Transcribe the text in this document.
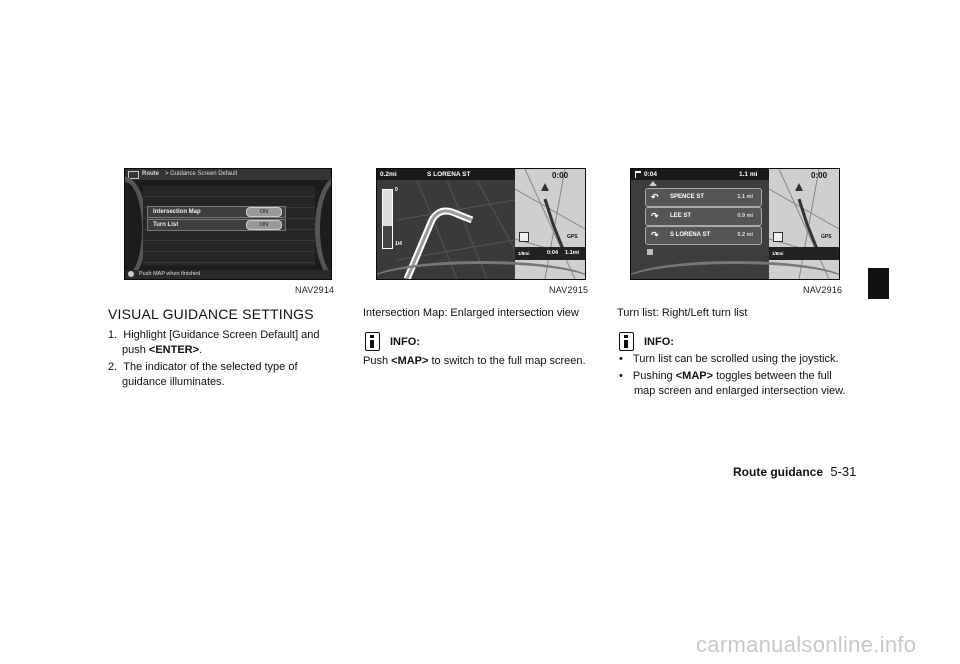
Route > Guidance Screen Default
Intersection Map	ON
Turn List	ON
Push MAP when finished
NAV2914
0.2mi	S LORENA ST
0
1/4
0:00
GPS
1/8mi	0:04 1.1mi
NAV2915
0:04	1.1 mi
↶ SPENCE ST	1.1 mi
↷ LEE ST	0.9 mi
↷ S LORENA ST	0.2 mi
0:00
GPS
1/8mi
NAV2916
VISUAL GUIDANCE SETTINGS
1. Highlight [Guidance Screen Default] and
push <ENTER>.
2. The indicator of the selected type of
guidance illuminates.
Intersection Map: Enlarged intersection view
INFO:
Push <MAP> to switch to the full map screen.
Turn list: Right/Left turn list
INFO:
• Turn list can be scrolled using the joystick.
• Pushing <MAP> toggles between the full
map screen and enlarged intersection view.
Route guidance 5-31
carmanualsonline.info
